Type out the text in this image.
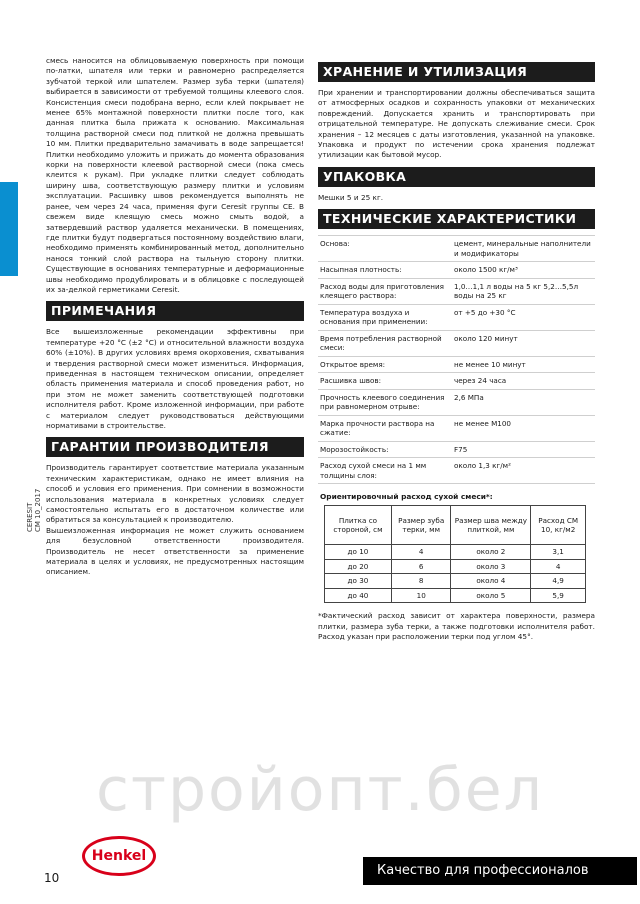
CERESIT CM 10_2017

смесь наносится на облицовываемую поверхность при помощи по-латки, шпателя или терки и равномерно распределяется зубчатой теркой или шпателем. Размер зуба терки (шпателя) выбирается в зависимости от требуемой толщины клеевого слоя. Консистенция смеси подобрана верно, если клей покрывает не менее 65% монтажной поверхности плитки после того, как данная плитка была прижата к основанию. Максимальная толщина растворной смеси под плиткой не должна превышать 10 мм. Плитки предварительно замачивать в воде запрещается! Плитки необходимо уложить и прижать до момента образования корки на поверхности клеевой растворной смеси (пока смесь клеится к рукам). При укладке плитки следует соблюдать ширину шва, соответствующую размеру плитки и условиям эксплуатации. Расшивку швов рекомендуется выполнять не ранее, чем через 24 часа, применяя фуги Ceresit группы CE. В свежем виде клеящую смесь можно смыть водой, а затвердевший раствор удаляется механически. В помещениях, где плитки будут подвергаться постоянному воздействию влаги, необходимо применять комбинированный метод, дополнительно нанося тонкий слой раствора на тыльную сторону плитки. Существующие в основаниях температурные и деформационные швы необходимо продублировать и в облицовке с последующей их за-делкой герметиками Ceresit.

ПРИМЕЧАНИЯ

Все вышеизложенные рекомендации эффективны при температуре +20 °C (±2 °C) и относительной влажности воздуха 60% (±10%). В других условиях время окорховения, схватывания и твердения растворной смеси может измениться. Информация, приведенная в настоящем техническом описании, определяет область применения материала и способ проведения работ, но при этом не может заменить соответствующей подготовки исполнителя работ. Кроме изложенной информации, при работе с материалом следует руководствоваться действующими нормативами в строительстве.

ГАРАНТИИ ПРОИЗВОДИТЕЛЯ

Производитель гарантирует соответствие материала указанным техническим характеристикам, однако не имеет влияния на способ и условия его применения. При сомнении в возможности использования материала в конкретных условиях следует самостоятельно испытать его в достаточном количестве или обратиться за консультацией к производителю.

Вышеизложенная информация не может служить основанием для безусловной ответственности производителя. Производитель не несет ответственности за применение материала в целях и условиях, не предусмотренных настоящим описанием.

ХРАНЕНИЕ И УТИЛИЗАЦИЯ

При хранении и транспортировании должны обеспечиваться защита от атмосферных осадков и сохранность упаковки от механических повреждений. Допускается хранить и транспортировать при отрицательной температуре. Не допускать слеживание смеси. Срок хранения – 12 месяцев с даты изготовления, указанной на упаковке. Упаковка и продукт по истечении срока хранения подлежат утилизации как бытовой мусор.

УПАКОВКА

Мешки 5 и 25 кг.

ТЕХНИЧЕСКИЕ ХАРАКТЕРИСТИКИ
Основа:	цемент, минеральные наполнители и модификаторы
Насыпная плотность:	около 1500 кг/м³
Расход воды для приготовления клеящего раствора:	1,0…1,1 л воды на 5 кг 5,2…5,5л воды на 25 кг
Температура воздуха и основания при применении:	от +5 до +30 °C
Время потребления растворной смеси:	около 120 минут
Открытое время:	не менее 10 минут
Расшивка швов:	через 24 часа
Прочность клеевого соединения при равномерном отрыве:	2,6 МПа
Марка прочности раствора на сжатие:	не менее М100
Морозостойкость:	F75
Расход сухой смеси на 1 мм толщины слоя:	около 1,3 кг/м²
Ориентировочный расход сухой смеси*:
Плитка со стороной, см	Размер зуба терки, мм	Размер шва между плиткой, мм	Расход СМ 10, кг/м2
до 10	4	около 2	3,1
до 20	6	около 3	4
до 30	8	около 4	4,9
до 40	10	около 5	5,9
*Фактический расход зависит от характера поверхности, размера плитки, размера зуба терки, а также подготовки исполнителя работ. Расход указан при расположении терки под углом 45°.
стройопт.бел
Henkel
10	Качество для профессионалов
